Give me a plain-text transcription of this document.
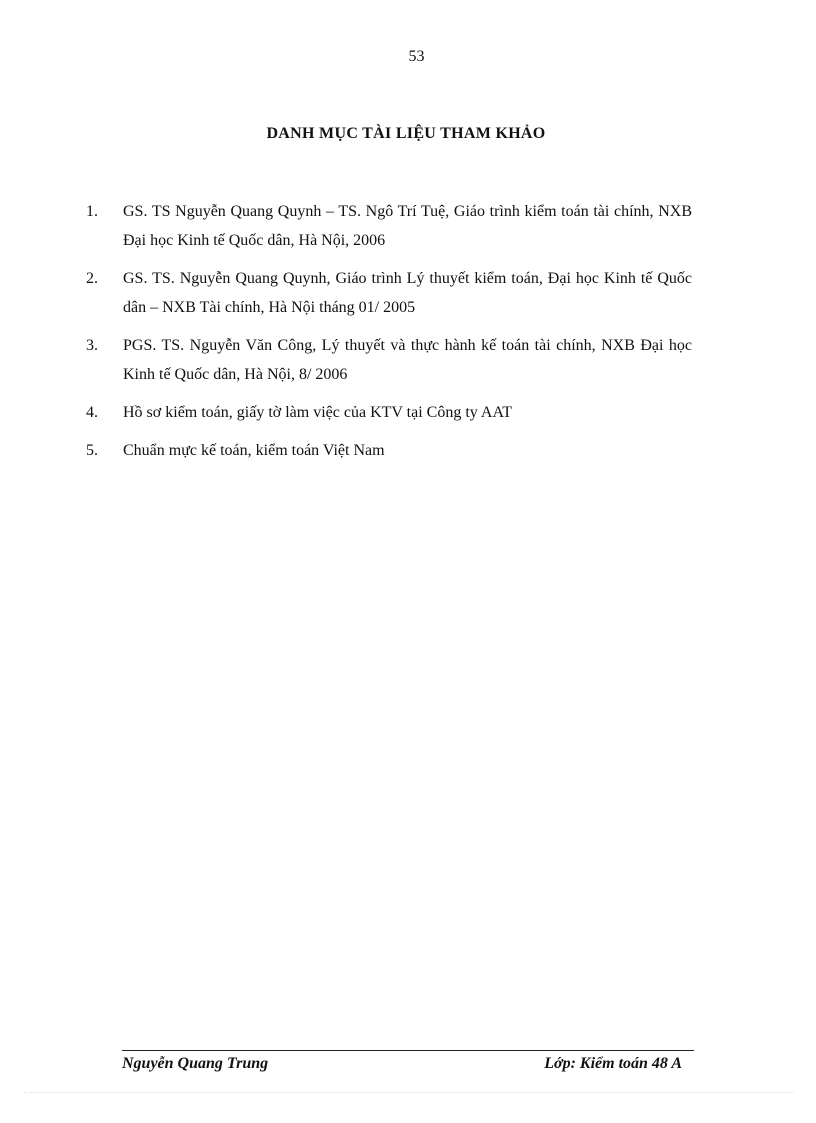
53
DANH MỤC TÀI LIỆU THAM KHẢO
1.	GS. TS Nguyễn Quang Quynh – TS. Ngô Trí Tuệ, Giáo trình kiểm toán tài chính, NXB Đại học Kinh tế Quốc dân, Hà Nội, 2006
2.	GS. TS. Nguyễn Quang Quynh, Giáo trình Lý thuyết kiểm toán, Đại học Kinh tế Quốc dân – NXB Tài chính, Hà Nội tháng 01/ 2005
3.	PGS. TS. Nguyễn Văn Công, Lý thuyết và thực hành kế toán tài chính, NXB Đại học Kinh tế Quốc dân, Hà Nội, 8/ 2006
4.	Hồ sơ kiểm toán, giấy tờ làm việc của KTV tại Công ty AAT
5.	Chuẩn mực kế toán, kiểm toán Việt Nam
Nguyễn Quang Trung	Lớp: Kiểm toán 48 A
